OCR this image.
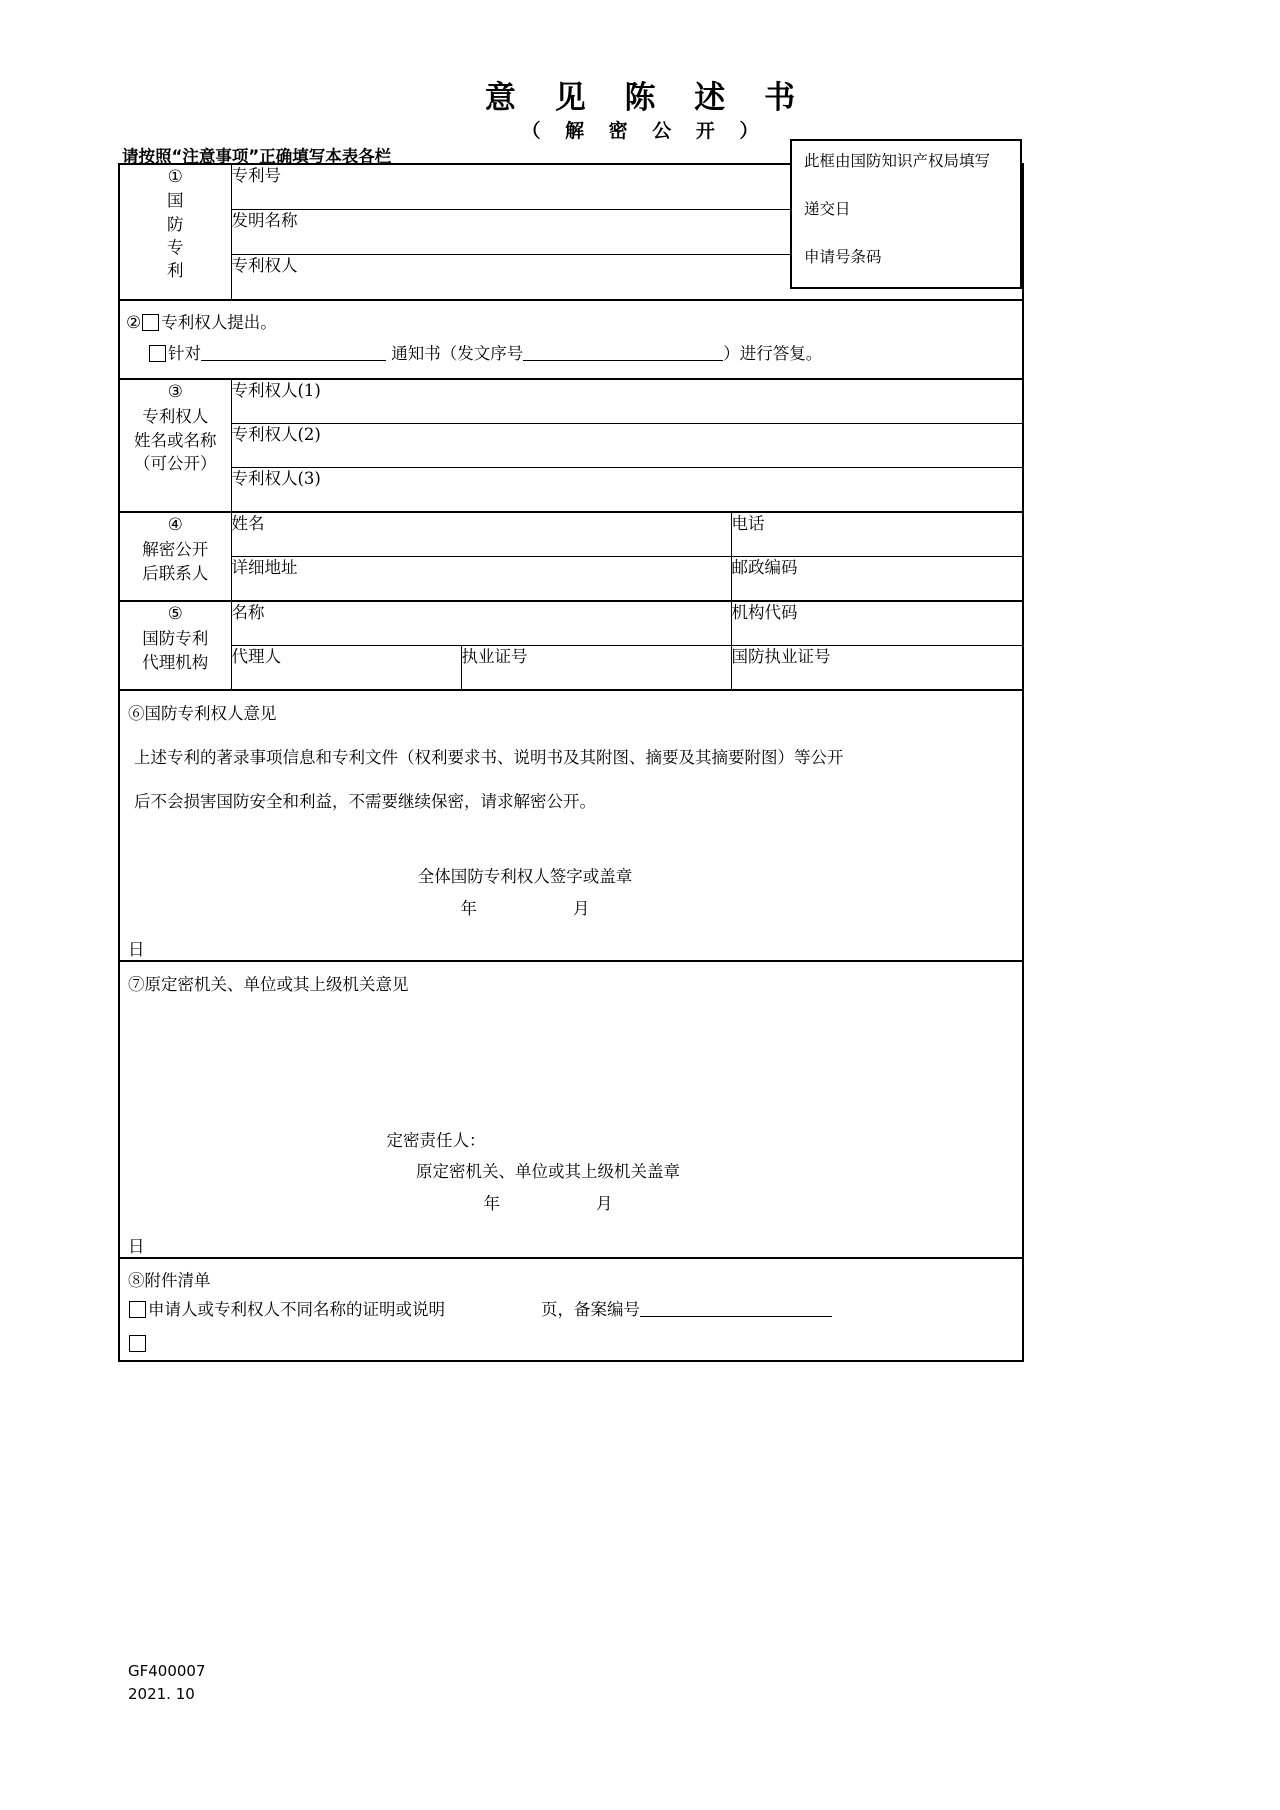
意 见 陈 述 书
（ 解 密 公 开 ）
请按照“注意事项”正确填写本表各栏	此框由国防知识产权局填写
递交日
申请号条码
①
国
防
专
利	专利号		
	发明名称		
	专利权人		

② 专利权人提出。
针对 通知书（发文序号 ）进行答复。			

③
专利权人
姓名或名称
（可公开）	专利权人(1)		
	专利权人(2)		
	专利权人(3)		

④
解密公开
后联系人	姓名		电话
	详细地址		邮政编码

⑤
国防专利
代理机构	名称		机构代码
	代理人	执业证号	国防执业证号

⑥国防专利权人意见
上述专利的著录事项信息和专利文件（权利要求书、说明书及其附图、摘要及其摘要附图）等公开
后不会损害国防安全和利益，不需要继续保密，请求解密公开。
全体国防专利权人签字或盖章
年	月
日

⑦原定密机关、单位或其上级机关意见
定密责任人：
原定密机关、单位或其上级机关盖章
年 月
日			

⑧附件清单
申请人或专利权人不同名称的证明或说明 页，备案编号			
GF400007
2021. 10
